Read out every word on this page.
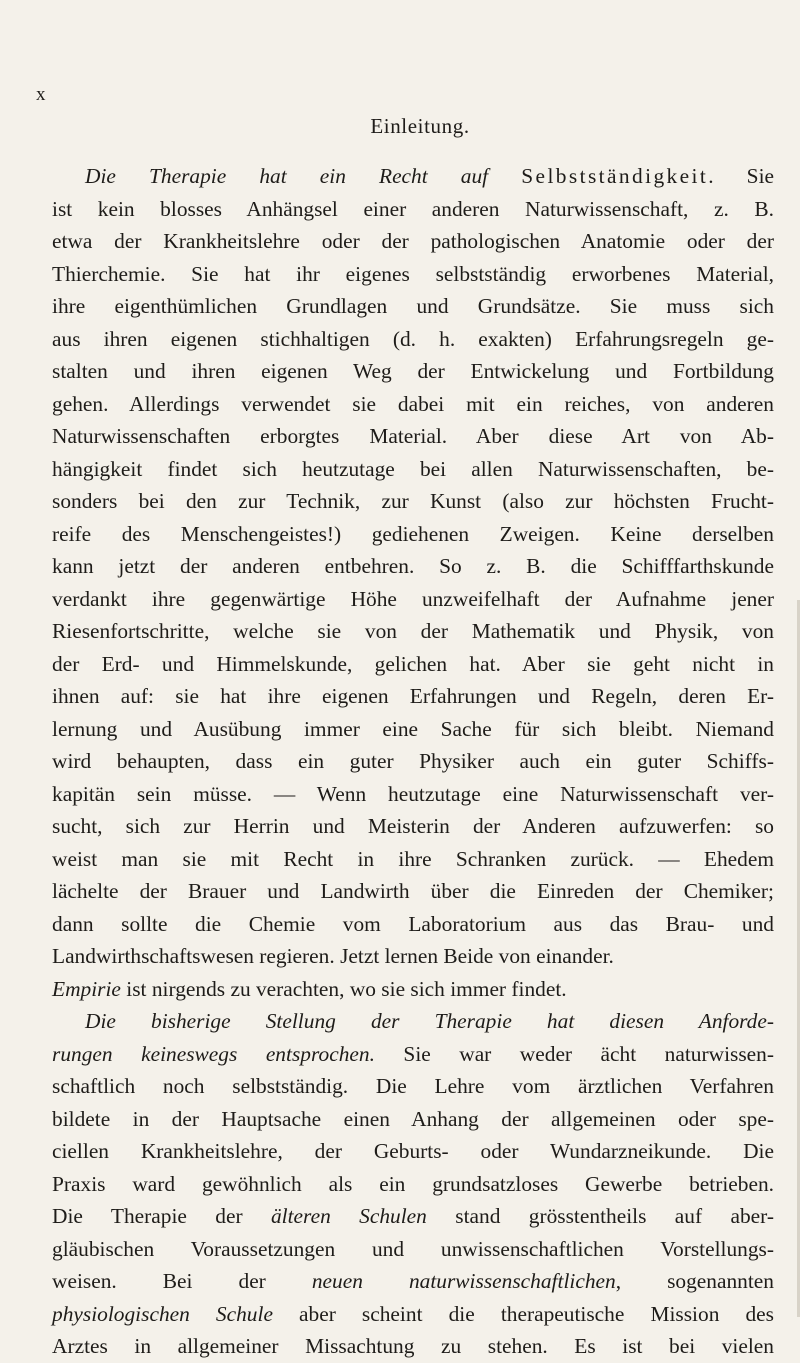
x
Einleitung.
Die Therapie hat ein Recht auf Selbstständigkeit. Sie
ist kein blosses Anhängsel einer anderen Naturwissenschaft, z. B.
etwa der Krankheitslehre oder der pathologischen Anatomie oder der
Thierchemie. Sie hat ihr eigenes selbstständig erworbenes Material,
ihre eigenthümlichen Grundlagen und Grundsätze. Sie muss sich
aus ihren eigenen stichhaltigen (d. h. exakten) Erfahrungsregeln ge-
stalten und ihren eigenen Weg der Entwickelung und Fortbildung
gehen. Allerdings verwendet sie dabei mit ein reiches, von anderen
Naturwissenschaften erborgtes Material. Aber diese Art von Ab-
hängigkeit findet sich heutzutage bei allen Naturwissenschaften, be-
sonders bei den zur Technik, zur Kunst (also zur höchsten Frucht-
reife des Menschengeistes!) gediehenen Zweigen. Keine derselben
kann jetzt der anderen entbehren. So z. B. die Schifffarthskunde
verdankt ihre gegenwärtige Höhe unzweifelhaft der Aufnahme jener
Riesenfortschritte, welche sie von der Mathematik und Physik, von
der Erd- und Himmelskunde, gelichen hat. Aber sie geht nicht in
ihnen auf: sie hat ihre eigenen Erfahrungen und Regeln, deren Er-
lernung und Ausübung immer eine Sache für sich bleibt. Niemand
wird behaupten, dass ein guter Physiker auch ein guter Schiffs-
kapitän sein müsse. — Wenn heutzutage eine Naturwissenschaft ver-
sucht, sich zur Herrin und Meisterin der Anderen aufzuwerfen: so
weist man sie mit Recht in ihre Schranken zurück. — Ehedem
lächelte der Brauer und Landwirth über die Einreden der Chemiker;
dann sollte die Chemie vom Laboratorium aus das Brau- und
Landwirthschaftswesen regieren. Jetzt lernen Beide von einander.
Empirie ist nirgends zu verachten, wo sie sich immer findet.
Die bisherige Stellung der Therapie hat diesen Anforde-
rungen keineswegs entsprochen. Sie war weder ächt naturwissen-
schaftlich noch selbstständig. Die Lehre vom ärztlichen Verfahren
bildete in der Hauptsache einen Anhang der allgemeinen oder spe-
ciellen Krankheitslehre, der Geburts- oder Wundarzneikunde. Die
Praxis ward gewöhnlich als ein grundsatzloses Gewerbe betrieben.
Die Therapie der älteren Schulen stand grösstentheils auf aber-
gläubischen Voraussetzungen und unwissenschaftlichen Vorstellungs-
weisen. Bei der neuen naturwissenschaftlichen, sogenannten
physiologischen Schule aber scheint die therapeutische Mission des
Arztes in allgemeiner Missachtung zu stehen. Es ist bei vielen
